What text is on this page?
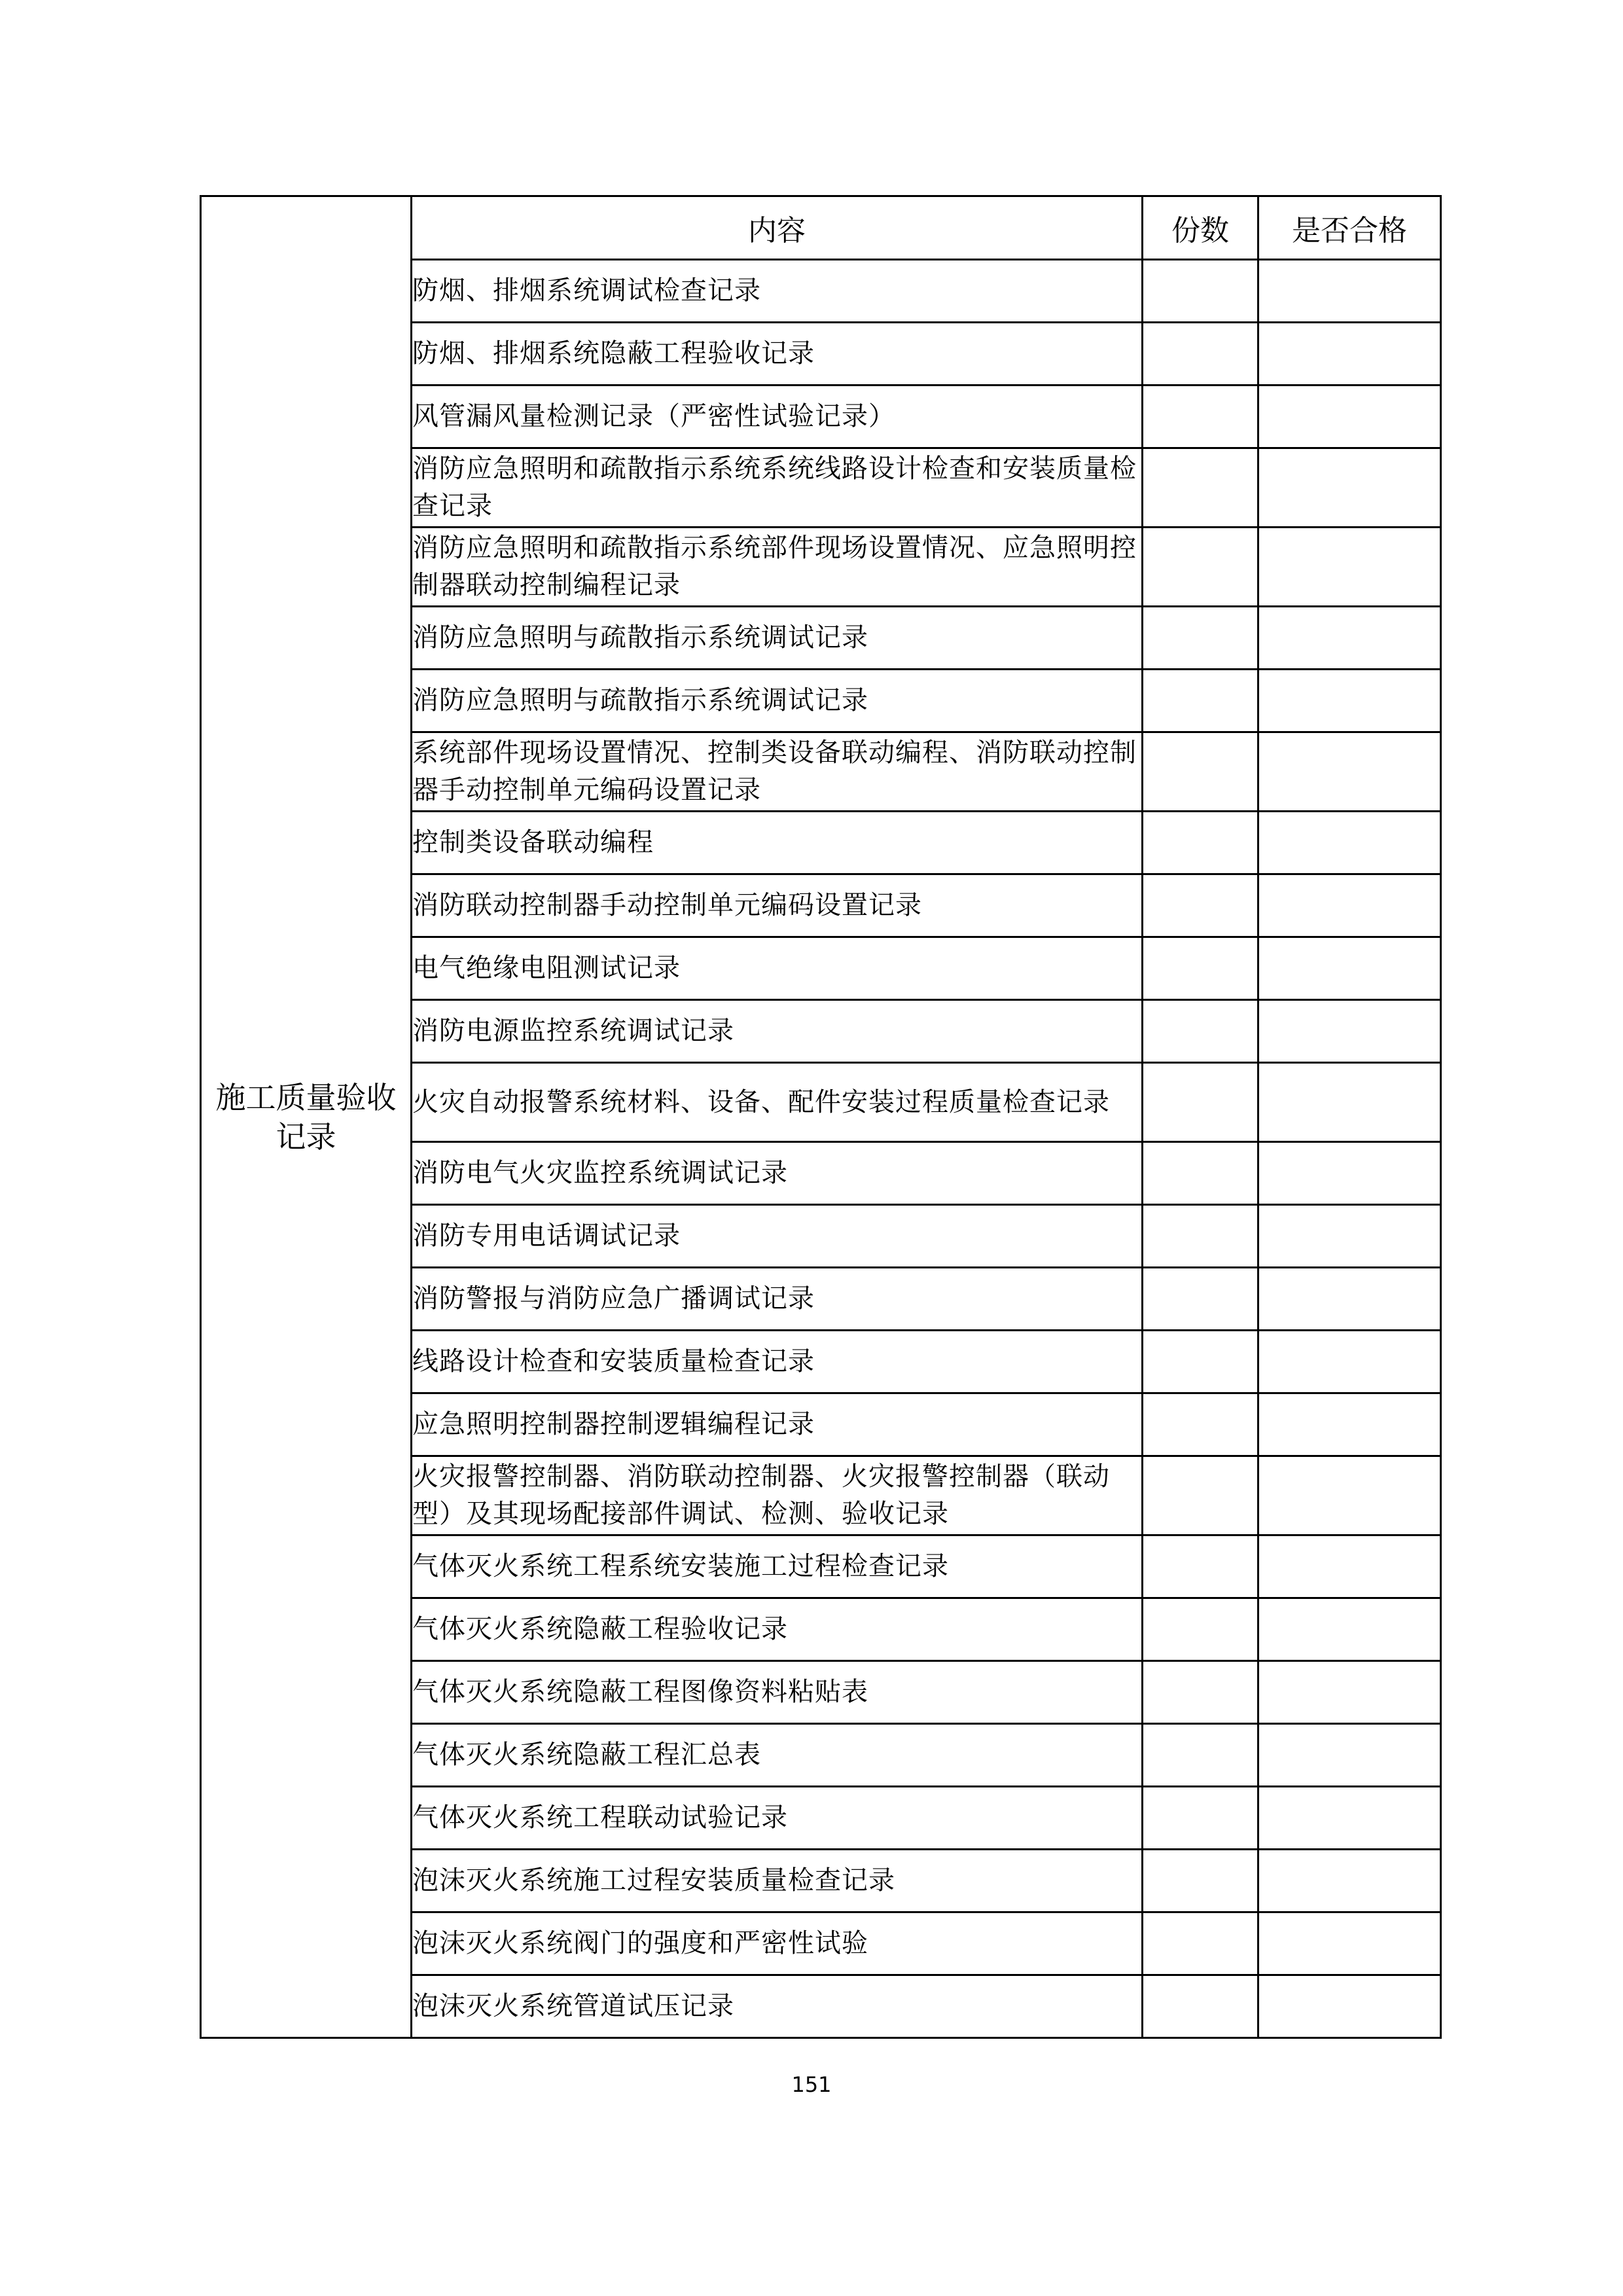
施工质量验收记录	内容	份数	是否合格
	防烟、排烟系统调试检查记录		
	防烟、排烟系统隐蔽工程验收记录		
	风管漏风量检测记录（严密性试验记录）		
	消防应急照明和疏散指示系统系统线路设计检查和安装质量检查记录		
	消防应急照明和疏散指示系统部件现场设置情况、应急照明控制器联动控制编程记录		
	消防应急照明与疏散指示系统调试记录		
	消防应急照明与疏散指示系统调试记录		
	系统部件现场设置情况、控制类设备联动编程、消防联动控制器手动控制单元编码设置记录		
	控制类设备联动编程		
	消防联动控制器手动控制单元编码设置记录		
	电气绝缘电阻测试记录		
	消防电源监控系统调试记录		
	火灾自动报警系统材料、设备、配件安装过程质量检查记录		
	消防电气火灾监控系统调试记录		
	消防专用电话调试记录		
	消防警报与消防应急广播调试记录		
	线路设计检查和安装质量检查记录		
	应急照明控制器控制逻辑编程记录		
	火灾报警控制器、消防联动控制器、火灾报警控制器（联动型）及其现场配接部件调试、检测、验收记录		
	气体灭火系统工程系统安装施工过程检查记录		
	气体灭火系统隐蔽工程验收记录		
	气体灭火系统隐蔽工程图像资料粘贴表		
	气体灭火系统隐蔽工程汇总表		
	气体灭火系统工程联动试验记录		
	泡沫灭火系统施工过程安装质量检查记录		
	泡沫灭火系统阀门的强度和严密性试验		
	泡沫灭火系统管道试压记录		
151
